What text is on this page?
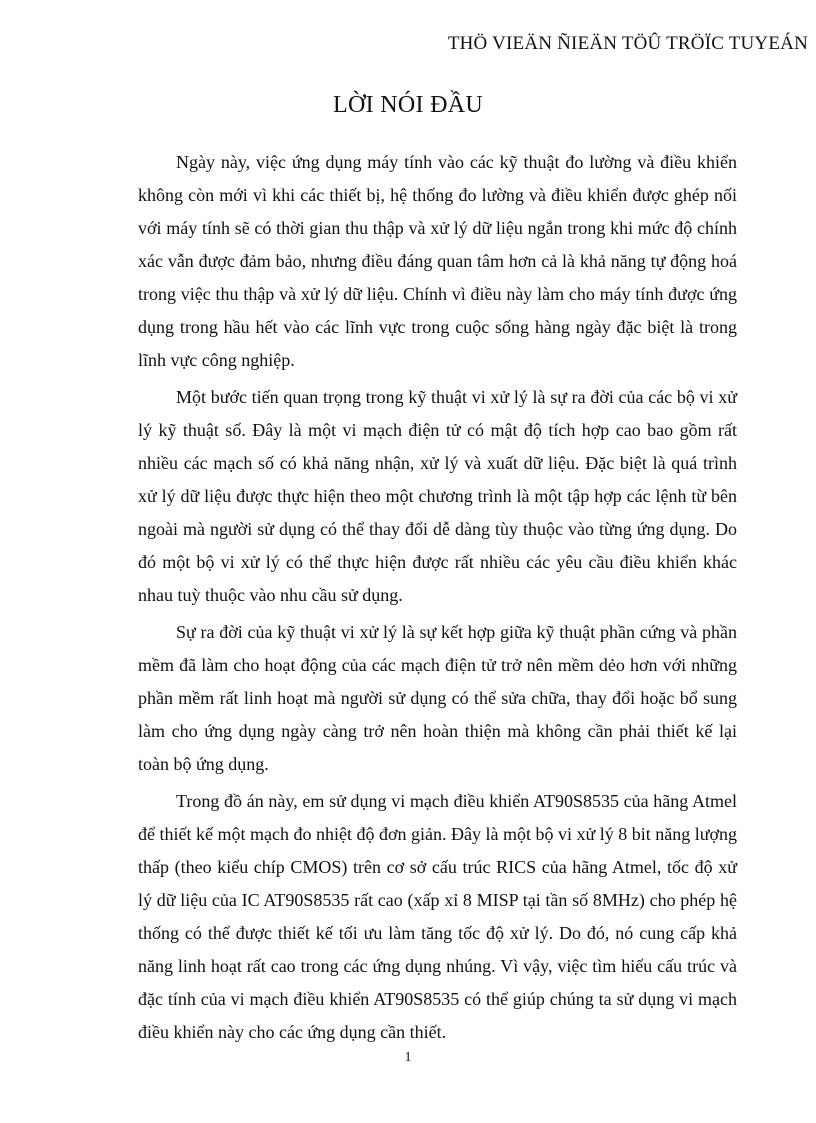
THÖ VIEÄN ÑIEÄN TÖÛ TRÖÏC TUYEÁN
LỜI NÓI ĐẦU

Ngày này, việc ứng dụng máy tính vào các kỹ thuật đo lường và điều khiển không còn mới vì khi các thiết bị, hệ thống đo lường và điều khiển được ghép nối với máy tính sẽ có thời gian thu thập và xử lý dữ liệu ngắn trong khi mức độ chính xác vẫn được đảm bảo, nhưng điều đáng quan tâm hơn cả là khả năng tự động hoá trong việc thu thập và xử lý dữ liệu. Chính vì điều này làm cho máy tính được ứng dụng trong hầu hết vào các lĩnh vực trong cuộc sống hàng ngày đặc biệt là trong lĩnh vực công nghiệp.

Một bước tiến quan trọng trong kỹ thuật vi xử lý là sự ra đời của các bộ vi xử lý kỹ thuật số. Đây là một vi mạch điện tử có mật độ tích hợp cao bao gồm rất nhiều các mạch số có khả năng nhận, xử lý và xuất dữ liệu. Đặc biệt là quá trình xử lý dữ liệu được thực hiện theo một chương trình là một tập hợp các lệnh từ bên ngoài mà người sử dụng có thể thay đổi dễ dàng tùy thuộc vào từng ứng dụng. Do đó một bộ vi xử lý có thể thực hiện được rất nhiều các yêu cầu điều khiển khác nhau tuỳ thuộc vào nhu cầu sử dụng.

Sự ra đời của kỹ thuật vi xử lý là sự kết hợp giữa kỹ thuật phần cứng và phần mềm đã làm cho hoạt động của các mạch điện tử trở nên mềm dẻo hơn với những phần mềm rất linh hoạt mà người sử dụng có thể sửa chữa, thay đổi hoặc bổ sung làm cho ứng dụng ngày càng trở nên hoàn thiện mà không cần phải thiết kế lại toàn bộ ứng dụng.

Trong đồ án này, em sử dụng vi mạch điều khiển AT90S8535 của hãng Atmel để thiết kế một mạch đo nhiệt độ đơn giản. Đây là một bộ vi xử lý 8 bit năng lượng thấp (theo kiểu chíp CMOS) trên cơ sở cấu trúc RICS của hãng Atmel, tốc độ xử lý dữ liệu của IC AT90S8535 rất cao (xấp xỉ 8 MISP tại tần số 8MHz) cho phép hệ thống có thể được thiết kế tối ưu làm tăng tốc độ xử lý. Do đó, nó cung cấp khả năng linh hoạt rất cao trong các ứng dụng nhúng. Vì vậy, việc tìm hiểu cấu trúc và đặc tính của vi mạch điều khiển AT90S8535 có thể giúp chúng ta sử dụng vi mạch điều khiển này cho các ứng dụng cần thiết.

1
